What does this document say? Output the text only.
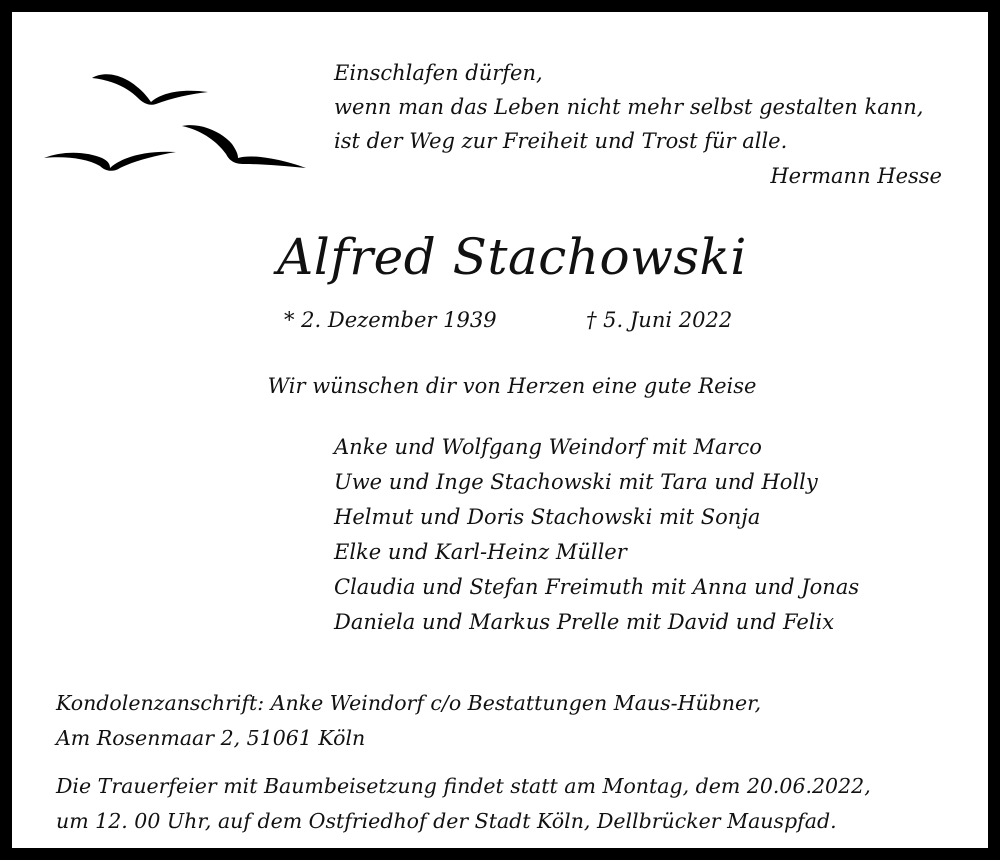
Einschlafen dürfen,
wenn man das Leben nicht mehr selbst gestalten kann,
ist der Weg zur Freiheit und Trost für alle.
Hermann Hesse
Alfred Stachowski
* 2. Dezember 1939	† 5. Juni 2022
Wir wünschen dir von Herzen eine gute Reise
Anke und Wolfgang Weindorf mit Marco
Uwe und Inge Stachowski mit Tara und Holly
Helmut und Doris Stachowski mit Sonja
Elke und Karl-Heinz Müller
Claudia und Stefan Freimuth mit Anna und Jonas
Daniela und Markus Prelle mit David und Felix
Kondolenzanschrift: Anke Weindorf c/o Bestattungen Maus-Hübner,
Am Rosenmaar 2, 51061 Köln
Die Trauerfeier mit Baumbeisetzung findet statt am Montag, dem 20.06.2022,
um 12. 00 Uhr, auf dem Ostfriedhof der Stadt Köln, Dellbrücker Mauspfad.
